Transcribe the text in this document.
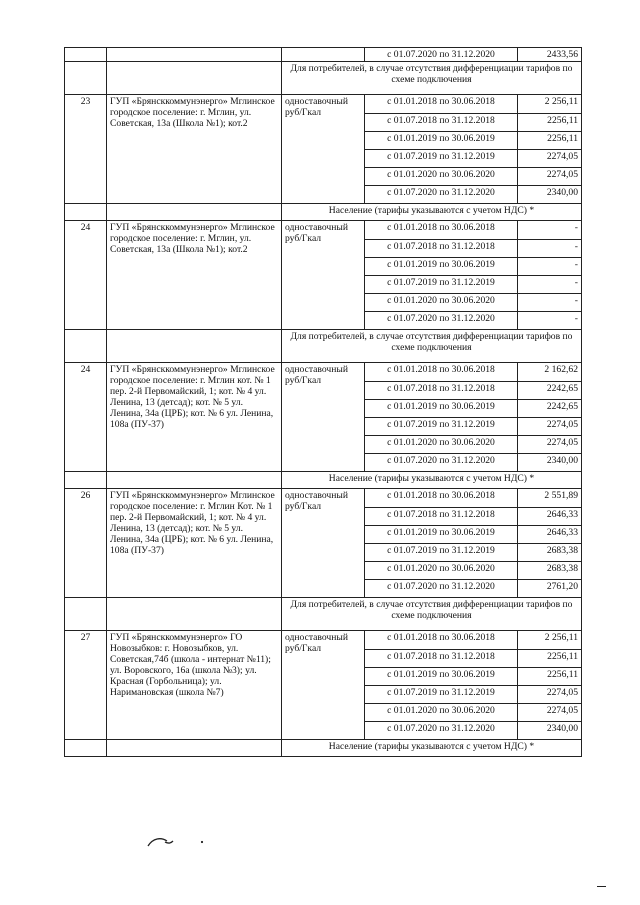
			с 01.07.2020 по 31.12.2020	2433,56
		Для потребителей, в случае отсутствия дифференциации тарифов по схеме подключения		
23	ГУП «Брянсккоммунэнерго» Мглинское городское поселение: г. Мглин, ул. Советская, 13а (Школа №1); кот.2	одноставочный руб/Гкал	с 01.01.2018 по 30.06.2018	2 256,11
			с 01.07.2018 по 31.12.2018	2256,11
			с 01.01.2019 по 30.06.2019	2256,11
			с 01.07.2019 по 31.12.2019	2274,05
			с 01.01.2020 по 30.06.2020	2274,05
			с 01.07.2020 по 31.12.2020	2340,00
		Население (тарифы указываются с учетом НДС) *		
24	ГУП «Брянсккоммунэнерго» Мглинское городское поселение: г. Мглин, ул. Советская, 13а (Школа №1); кот.2	одноставочный руб/Гкал	с 01.01.2018 по 30.06.2018	-
			с 01.07.2018 по 31.12.2018	-
			с 01.01.2019 по 30.06.2019	-
			с 01.07.2019 по 31.12.2019	-
			с 01.01.2020 по 30.06.2020	-
			с 01.07.2020 по 31.12.2020	-
		Для потребителей, в случае отсутствия дифференциации тарифов по схеме подключения		
24	ГУП «Брянсккоммунэнерго» Мглинское городское поселение: г. Мглин кот. № 1 пер. 2-й Первомайский, 1; кот. № 4 ул. Ленина, 13 (детсад); кот. № 5 ул. Ленина, 34а (ЦРБ); кот. № 6 ул. Ленина, 108а (ПУ-37)	одноставочный руб/Гкал	с 01.01.2018 по 30.06.2018	2 162,62
			с 01.07.2018 по 31.12.2018	2242,65
			с 01.01.2019 по 30.06.2019	2242,65
			с 01.07.2019 по 31.12.2019	2274,05
			с 01.01.2020 по 30.06.2020	2274,05
			с 01.07.2020 по 31.12.2020	2340,00
		Население (тарифы указываются с учетом НДС) *		
26	ГУП «Брянсккоммунэнерго» Мглинское городское поселение: г. Мглин Кот. № 1 пер. 2-й Первомайский, 1; кот. № 4 ул. Ленина, 13 (детсад); кот. № 5 ул. Ленина, 34а (ЦРБ); кот. № 6 ул. Ленина, 108а (ПУ-37)	одноставочный руб/Гкал	с 01.01.2018 по 30.06.2018	2 551,89
			с 01.07.2018 по 31.12.2018	2646,33
			с 01.01.2019 по 30.06.2019	2646,33
			с 01.07.2019 по 31.12.2019	2683,38
			с 01.01.2020 по 30.06.2020	2683,38
			с 01.07.2020 по 31.12.2020	2761,20
		Для потребителей, в случае отсутствия дифференциации тарифов по схеме подключения		
27	ГУП «Брянсккоммунэнерго» ГО Новозыбков: г. Новозыбков, ул. Советская,74б (школа - интернат №11); ул. Воровского, 16а (школа №3); ул. Красная (Горбольница); ул. Наримановская (школа №7)	одноставочный руб/Гкал	с 01.01.2018 по 30.06.2018	2 256,11
			с 01.07.2018 по 31.12.2018	2256,11
			с 01.01.2019 по 30.06.2019	2256,11
			с 01.07.2019 по 31.12.2019	2274,05
			с 01.01.2020 по 30.06.2020	2274,05
			с 01.07.2020 по 31.12.2020	2340,00
		Население (тарифы указываются с учетом НДС) *		
